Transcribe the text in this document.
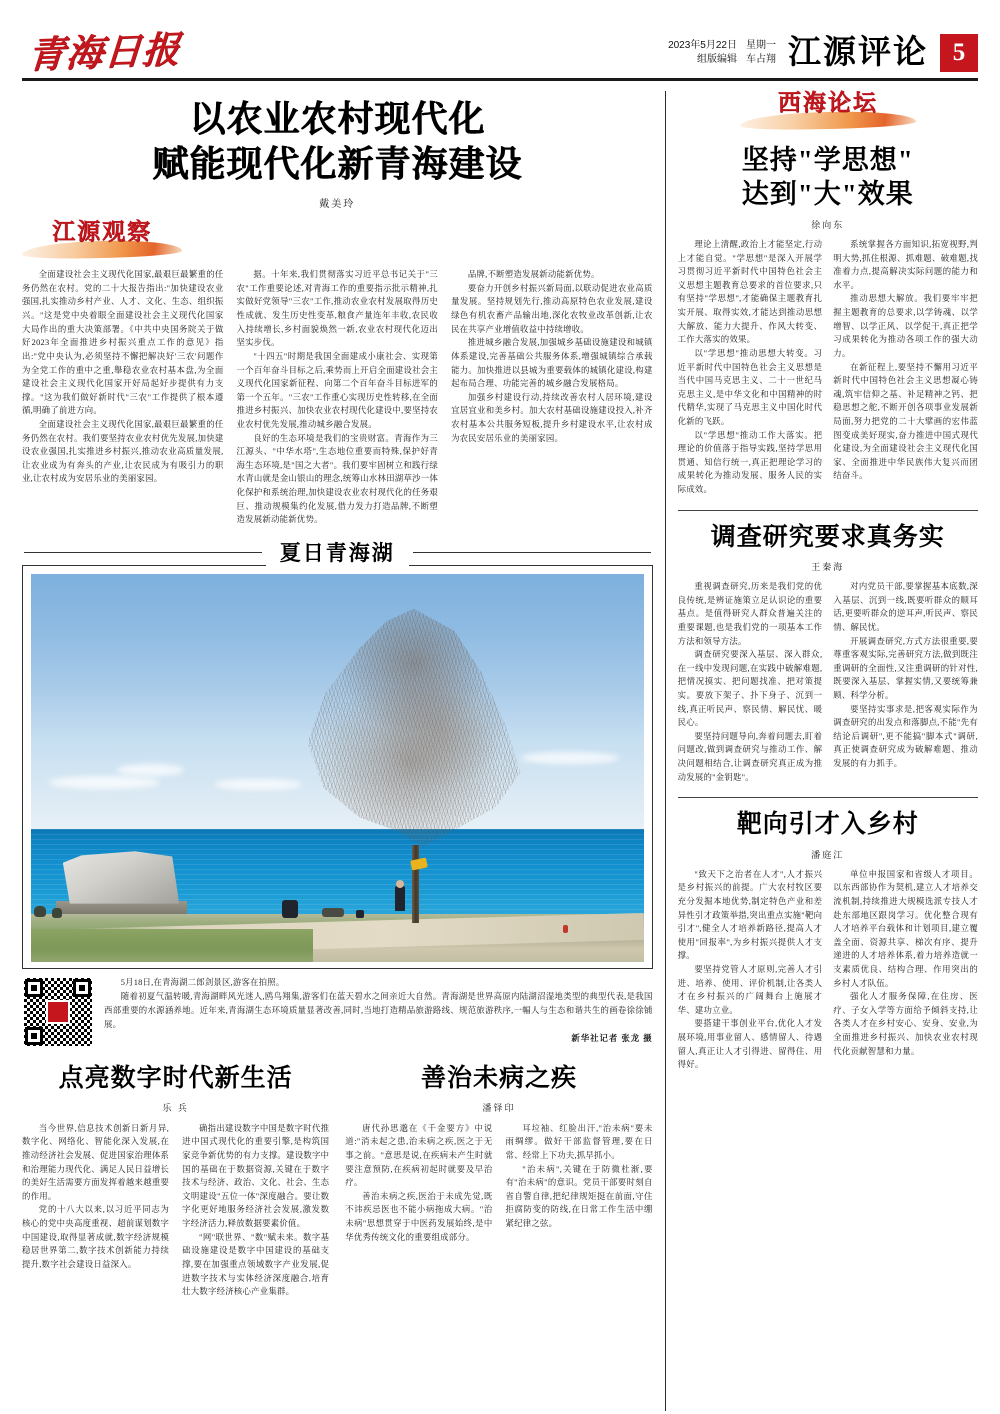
青海日报	2023年5月22日 星期一
组版编辑 车占翔 江源评论 5
以农业农村现代化
赋能现代化新青海建设
戴美玲
江源观察

全面建设社会主义现代化国家,最艰巨最繁重的任务仍然在农村。党的二十大报告指出:"加快建设农业强国,扎实推动乡村产业、人才、文化、生态、组织振兴。"这是党中央着眼全面建设社会主义现代化国家大局作出的重大决策部署。《中共中央国务院关于做好2023年全面推进乡村振兴重点工作的意见》指出:"党中央认为,必须坚持不懈把解决好'三农'问题作为全党工作的重中之重,舉稳农业农村基本盘,为全面建设社会主义现代化国家开好局起好步提供有力支撑。"这为我们做好新时代"三农"工作提供了根本遵循,明确了前进方向。

全面建设社会主义现代化国家,最艰巨最繁重的任务仍然在农村。我们要坚持农业农村优先发展,加快建设农业强国,扎实推进乡村振兴,推动农业高质量发展,让农业成为有奔头的产业,让农民成为有吸引力的职业,让农村成为安居乐业的美丽家园。

据。十年来,我们贯彻落实习近平总书记关于"三农"工作重要论述,对青海工作的重要指示批示精神,扎实做好党领导"三农"工作,推动农业农村发展取得历史性成就、发生历史性变革,粮食产量连年丰收,农民收入持续增长,乡村面貌焕然一新,农业农村现代化迈出坚实步伐。

"十四五"时期是我国全面建成小康社会、实现第一个百年奋斗目标之后,乘势而上开启全面建设社会主义现代化国家新征程、向第二个百年奋斗目标进军的第一个五年。"三农"工作重心实现历史性转移,在全面推进乡村振兴、加快农业农村现代化建设中,要坚持农业农村优先发展,推动城乡融合发展。

良好的生态环境是我们的宝贵财富。青海作为三江源头、"中华水塔",生态地位重要而特殊,保护好青海生态环境,是"国之大者"。我们要牢固树立和践行绿水青山就是金山银山的理念,统筹山水林田湖草沙一体化保护和系统治理,加快建设农业农村现代化的任务艰巨、推动规模集约化发展,借力发力打造品牌,不断塑造发展新动能新优势。

品牌,不断塑造发展新动能新优势。

要奋力开创乡村振兴新局面,以联动促进农业高质量发展。坚持规划先行,推动高原特色农业发展,建设绿色有机农畜产品输出地,深化农牧业改革创新,让农民在共享产业增值收益中持续增收。

推进城乡融合发展,加强城乡基础设施建设和城镇体系建设,完善基础公共服务体系,增强城镇综合承载能力。加快推进以县城为重要载体的城镇化建设,构建起布局合理、功能完善的城乡融合发展格局。

加强乡村建设行动,持续改善农村人居环境,建设宜居宜业和美乡村。加大农村基础设施建设投入,补齐农村基本公共服务短板,提升乡村建设水平,让农村成为农民安居乐业的美丽家园。

夏日青海湖

5月18日,在青海湖二郎剑景区,游客在拍照。

随着初夏气温转暖,青海湖畔风光迷人,鸥鸟翔集,游客们在蓝天碧水之间亲近大自然。青海湖是世界高原内陆湖沼湿地类型的典型代表,是我国西部重要的水源涵养地。近年来,青海湖生态环境质量显著改善,同时,当地打造精品旅游路线、规范旅游秩序,一幅人与生态和谐共生的画卷徐徐铺展。

新华社记者 张龙 摄

点亮数字时代新生活
乐 兵

当今世界,信息技术创新日新月异,数字化、网络化、智能化深入发展,在推动经济社会发展、促进国家治理体系和治理能力现代化、满足人民日益增长的美好生活需要方面发挥着越来越重要的作用。

党的十八大以来,以习近平同志为核心的党中央高度重视、超前谋划数字中国建设,取得显著成就,数字经济规模稳居世界第二,数字技术创新能力持续提升,数字社会建设日益深入。

确指出建设数字中国是数字时代推进中国式现代化的重要引擎,是构筑国家竞争新优势的有力支撑。建设数字中国的基础在于数据资源,关键在于数字技术与经济、政治、文化、社会、生态文明建设"五位一体"深度融合。要让数字化更好地服务经济社会发展,激发数字经济活力,释放数据要素价值。

"网"联世界、"数"赋未来。数字基础设施建设是数字中国建设的基础支撑,要在加强重点领域数字产业发展,促进数字技术与实体经济深度融合,培育壮大数字经济核心产业集群。

善治未病之疾
潘铎印

唐代孙思邈在《千金要方》中说道:"消未起之患,治未病之疾,医之于无事之前。"意思是说,在疾病未产生时就要注意预防,在疾病初起时就要及早治疗。

善治未病之疾,医治于未成先觉,既不讳疾忌医也不能小病拖成大病。"治未病"思想贯穿于中医药发展始终,是中华优秀传统文化的重要组成部分。

耳垃袖、红脸出汗,"治未病"要未雨绸缪。做好干部监督管理,要在日常、经常上下功夫,抓早抓小。

"治未病",关键在于防微杜渐,要有"治未病"的意识。党员干部要时刻自省自警自律,把纪律规矩挺在前面,守住拒腐防变的防线,在日常工作生活中绷紧纪律之弦。

西海论坛
坚持"学思想"
达到"大"效果
徐向东

理论上清醒,政治上才能坚定,行动上才能自觉。"学思想"是深入开展学习贯彻习近平新时代中国特色社会主义思想主题教育总要求的首位要求,只有坚持"学思想",才能确保主题教育扎实开展、取得实效,才能达到推动思想大解放、能力大提升、作风大转变、工作大落实的效果。

以"学思想"推动思想大转变。习近平新时代中国特色社会主义思想是当代中国马克思主义、二十一世纪马克思主义,是中华文化和中国精神的时代精华,实现了马克思主义中国化时代化新的飞跃。

以"学思想"推动工作大落实。把理论的价值落于指导实践,坚持学思用贯通、知信行统一,真正把理论学习的成果转化为推动发展、服务人民的实际成效。

系统掌握各方面知识,拓宽视野,判明大势,抓住根源、抓难题、破难题,找准着力点,提高解决实际问题的能力和水平。

推动思想大解放。我们要牢牢把握主题教育的总要求,以学铸魂、以学增智、以学正风、以学促干,真正把学习成果转化为推动各项工作的强大动力。

在新征程上,要坚持不懈用习近平新时代中国特色社会主义思想凝心铸魂,筑牢信仰之基、补足精神之钙、把稳思想之舵,不断开创各项事业发展新局面,努力把党的二十大擘画的宏伟蓝图变成美好现实,奋力推进中国式现代化建设,为全面建设社会主义现代化国家、全面推进中华民族伟大复兴而团结奋斗。

调查研究要求真务实
王秦海

重视调查研究,历来是我们党的优良传统,是辨证施策立足认识论的重要基点。是值得研究人群众普遍关注的重要课题,也是我们党的一项基本工作方法和领导方法。

调查研究要深入基层、深入群众,在一线中发现问题,在实践中破解难题,把情况摸实、把问题找准、把对策提实。要放下架子、扑下身子、沉到一线,真正听民声、察民情、解民忧、暖民心。

要坚持问题导向,奔着问题去,盯着问题改,做到调查研究与推动工作、解决问题相结合,让调查研究真正成为推动发展的"金钥匙"。

对内党员干部,要掌握基本底数,深入基层、沉到一线,既要听群众的顺耳话,更要听群众的逆耳声,听民声、察民情、解民忧。

开展调查研究,方式方法很重要,要尊重客观实际,完善研究方法,做到既注重调研的全面性,又注重调研的针对性,既要深入基层、掌握实情,又要统筹兼顾、科学分析。

要坚持实事求是,把客观实际作为调查研究的出发点和落脚点,不能"先有结论后调研",更不能搞"脚本式"调研,真正使调查研究成为破解难题、推动发展的有力抓手。

靶向引才入乡村
潘庭江

"致天下之治者在人才",人才振兴是乡村振兴的前提。广大农村牧区要充分发掘本地优势,制定特色产业和差异性引才政策举措,突出重点实施"靶向引才",健全人才培养新路径,提高人才使用"回报率",为乡村振兴提供人才支撑。

要坚持党管人才原则,完善人才引进、培养、使用、评价机制,让各类人才在乡村振兴的广阔舞台上施展才华、建功立业。

要搭建干事创业平台,优化人才发展环境,用事业留人、感情留人、待遇留人,真正让人才引得进、留得住、用得好。

单位申报国家和省级人才项目。以东西部协作为契机,建立人才培养交流机制,持续推进大规模选派专技人才赴东部地区跟岗学习。优化整合现有人才培养平台载体和计划项目,建立覆盖全面、资源共享、梯次有序、提升递进的人才培养体系,着力培养造就一支素质优良、结构合理、作用突出的乡村人才队伍。

强化人才服务保障,在住房、医疗、子女入学等方面给予倾斜支持,让各类人才在乡村安心、安身、安业,为全面推进乡村振兴、加快农业农村现代化贡献智慧和力量。
